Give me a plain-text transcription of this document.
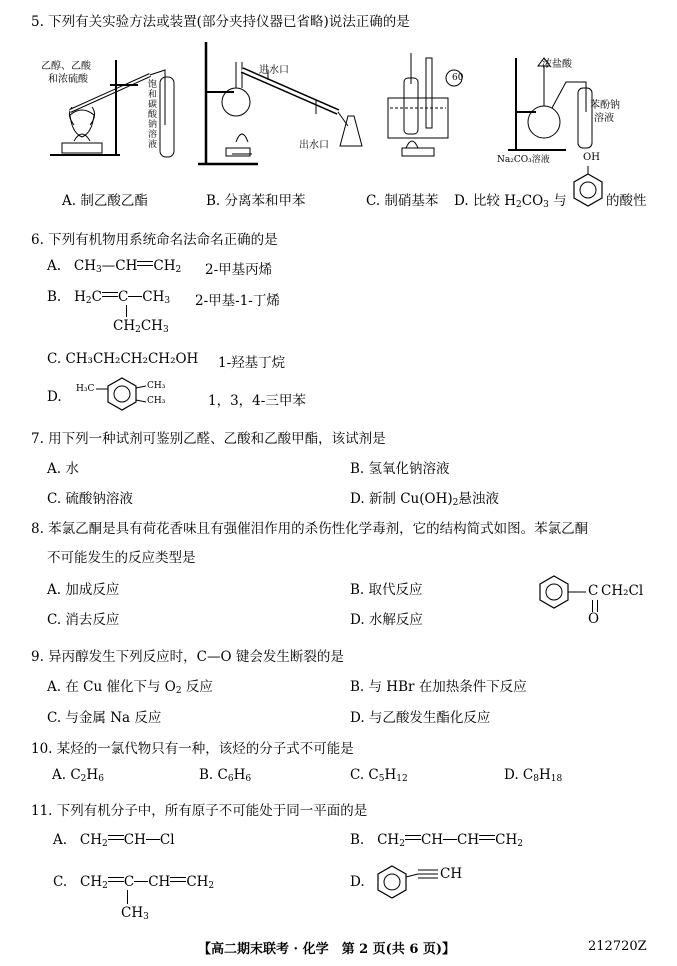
5. 下列有关实验方法或装置(部分夹持仪器已省略)说法正确的是
乙醇、乙酸
和浓硫酸	饱和碳酸钠溶液
进水口
出水口
60
浓盐酸
苯酚钠
溶液
Na₂CO₃溶液	OH
A. 制乙酸乙酯	B. 分离苯和甲苯	C. 制硝基苯 D. 比较 $H_2CO_3$ 与	的酸性
6. 下列有机物用系统命名法命名正确的是
A. $CH_3—CH$ $CH_2$ 2-甲基丙烯
B. $H_2C$ C $CH_3$
$CH_2CH_3$
2-甲基-1-丁烯
C. CH₃CH₂CH₂CH₂OH 1-羟基丁烷
D. H₃C	CH₃
CH₃	1，3，4-三甲苯
7. 用下列一种试剂可鉴别乙醛、乙酸和乙酸甲酯，该试剂是
A. 水	B. 氢氧化钠溶液
C. 硫酸钠溶液	D. 新制 $Cu(OH)_2$悬浊液
8. 苯氯乙酮是具有荷花香味且有强催泪作用的杀伤性化学毒剂，它的结构简式如图。苯氯乙酮
不可能发生的反应类型是
A. 加成反应	B. 取代反应
C. 消去反应	D. 水解反应
C CH₂Cl
O
9. 异丙醇发生下列反应时，C—O 键会发生断裂的是
A. 在 Cu 催化下与 $O_2$ 反应	B. 与 HBr 在加热条件下反应
C. 与金属 Na 反应	D. 与乙酸发生酯化反应
10. 某烃的一氯代物只有一种，该烃的分子式不可能是
A. $C_2H_6$	B. $C_6H_6$	C. $C_5H_{12}$	D. $C_8H_{18}$
11. 下列有机分子中，所有原子不可能处于同一平面的是
A. $CH_2$ CH Cl	B. $CH_2$ CH CH $CH_2$
C. $CH_2$ C CH $CH_2$
$CH_3$
D.	CH
【高二期末联考 · 化学　第 2 页(共 6 页)】	212720Z
